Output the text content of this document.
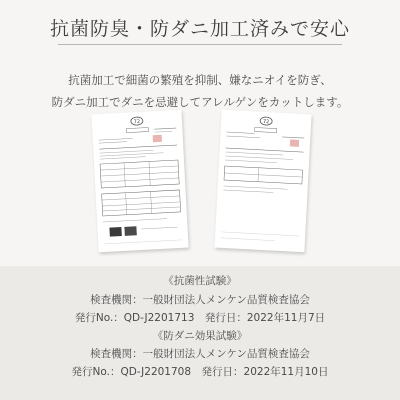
抗菌防臭・防ダニ加工済みで安心
抗菌加工で細菌の繁殖を抑制、嫌なニオイを防ぎ、
防ダニ加工でダニを忌避してアレルゲンをカットします。
72	72
《抗菌性試験》
検査機関：一般財団法人メンケン品質検査協会
発行No.：QD-J2201713　発行日：2022年11月7日
《防ダニ効果試験》
検査機関：一般財団法人メンケン品質検査協会
発行No.：QD-J2201708　発行日：2022年11月10日
